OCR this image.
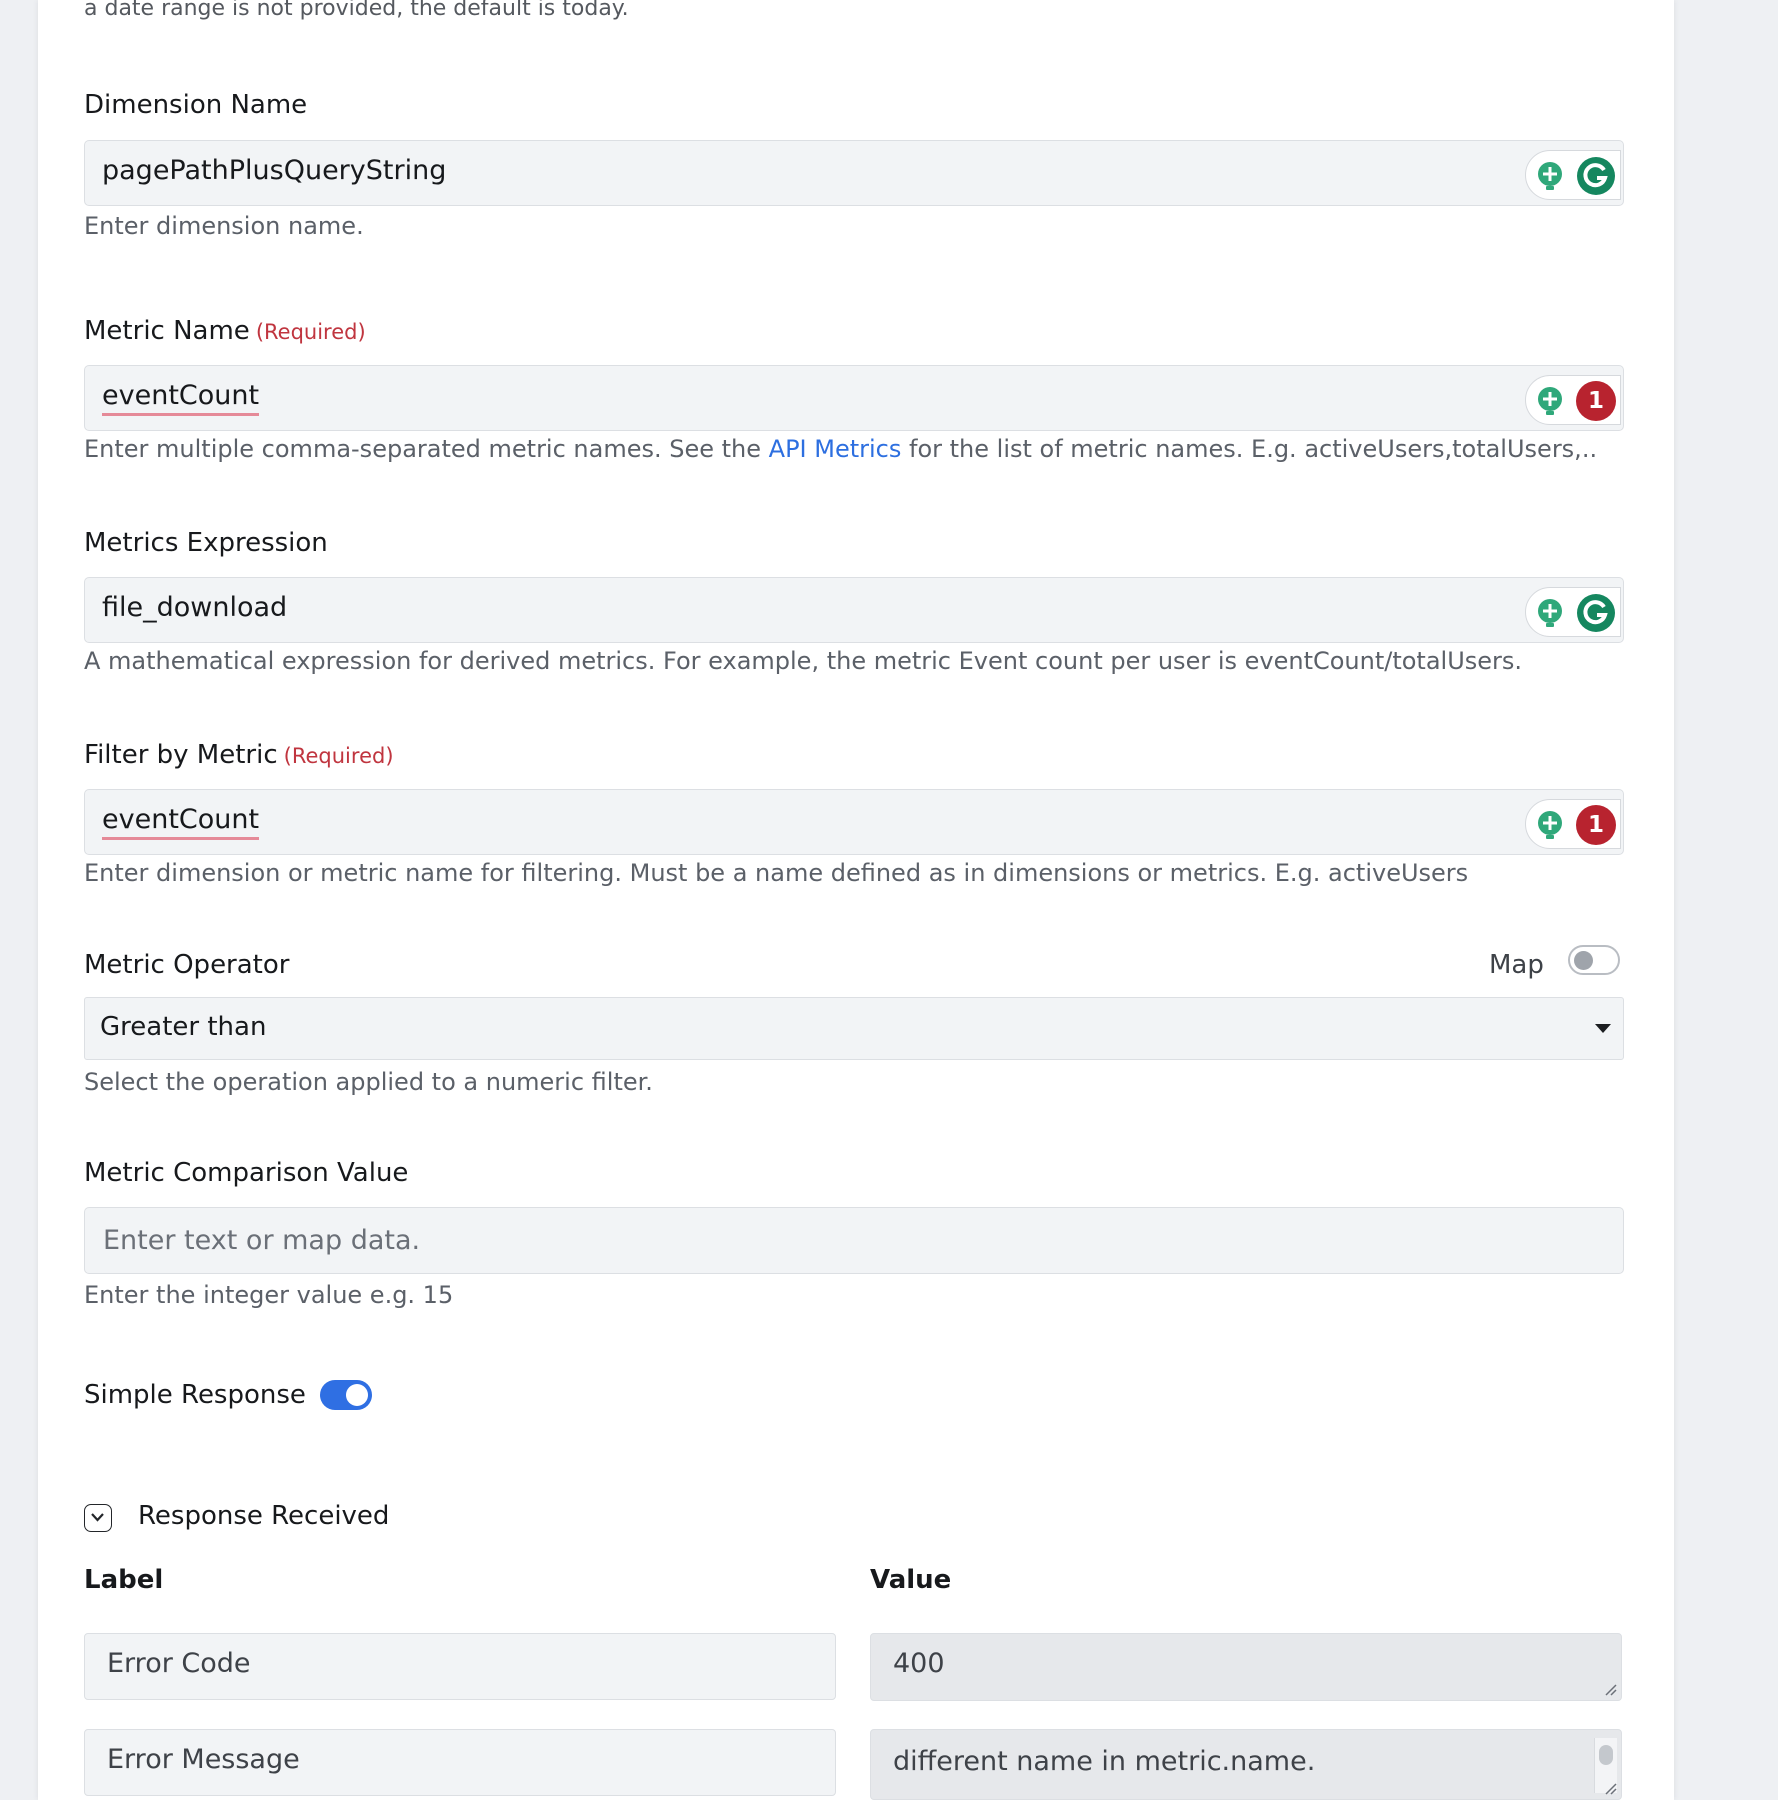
a date range is not provided, the default is today.
Dimension Name
pagePathPlusQueryString
Enter dimension name.
Metric Name (Required)
eventCount	1
Enter multiple comma-separated metric names. See the API Metrics for the list of metric names. E.g. activeUsers,totalUsers,..
Metrics Expression
file_download
A mathematical expression for derived metrics. For example, the metric Event count per user is eventCount/totalUsers.
Filter by Metric (Required)
eventCount	1
Enter dimension or metric name for filtering. Must be a name defined as in dimensions or metrics. E.g. activeUsers
Metric Operator	Map
Greater than
Select the operation applied to a numeric filter.
Metric Comparison Value
Enter text or map data.
Enter the integer value e.g. 15
Simple Response
Response Received
Label	Value
Error Code	400
Error Message	different name in metric.name.
